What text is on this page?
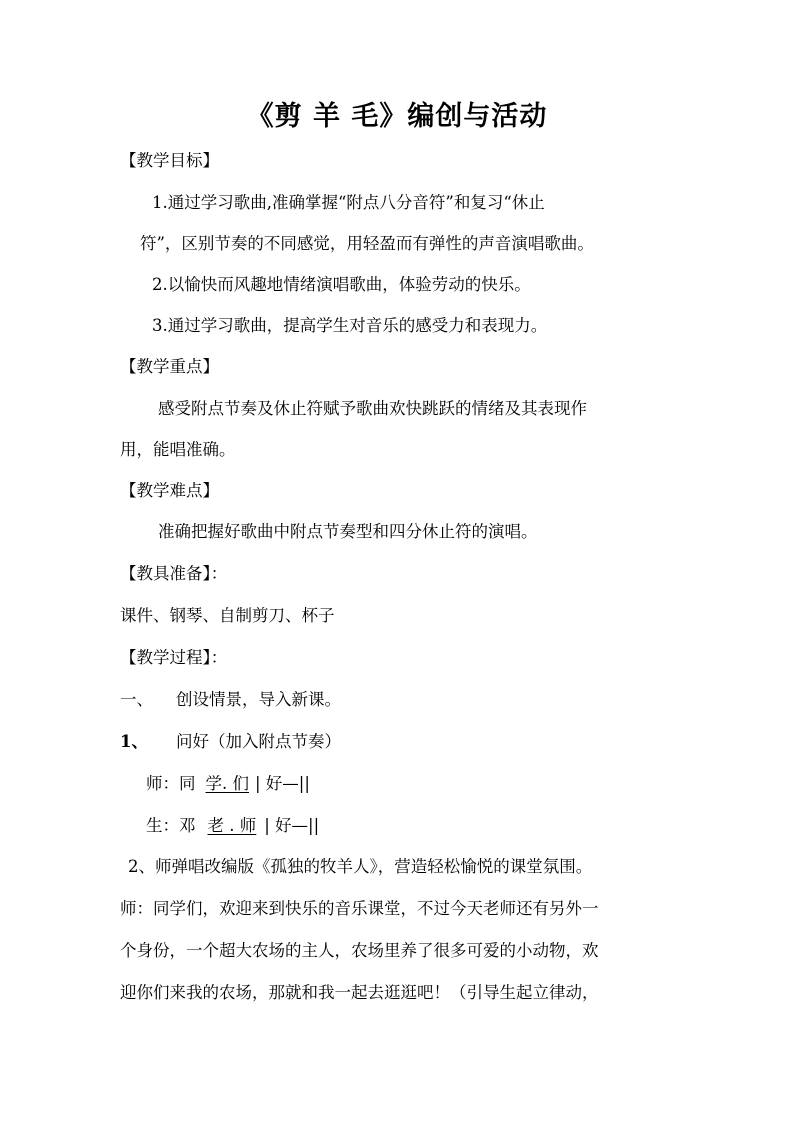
《剪 羊 毛》编创与活动
【教学目标】
1.通过学习歌曲,准确掌握“附点八分音符”和复习“休止
符”，区别节奏的不同感觉，用轻盈而有弹性的声音演唱歌曲。
2.以愉快而风趣地情绪演唱歌曲，体验劳动的快乐。
3.通过学习歌曲，提高学生对音乐的感受力和表现力。
【教学重点】
感受附点节奏及休止符赋予歌曲欢快跳跃的情绪及其表现作
用，能唱准确。
【教学难点】
准确把握好歌曲中附点节奏型和四分休止符的演唱。
【教具准备】：
课件、钢琴、自制剪刀、杯子
【教学过程】：
一、 创设情景，导入新课。
1、 问好（加入附点节奏）
师：同 学. 们 | 好—||
生：邓 老 . 师 | 好—||
2、师弹唱改编版《孤独的牧羊人》，营造轻松愉悦的课堂氛围。
师：同学们，欢迎来到快乐的音乐课堂，不过今天老师还有另外一
个身份，一个超大农场的主人，农场里养了很多可爱的小动物，欢
迎你们来我的农场，那就和我一起去逛逛吧！（引导生起立律动，
